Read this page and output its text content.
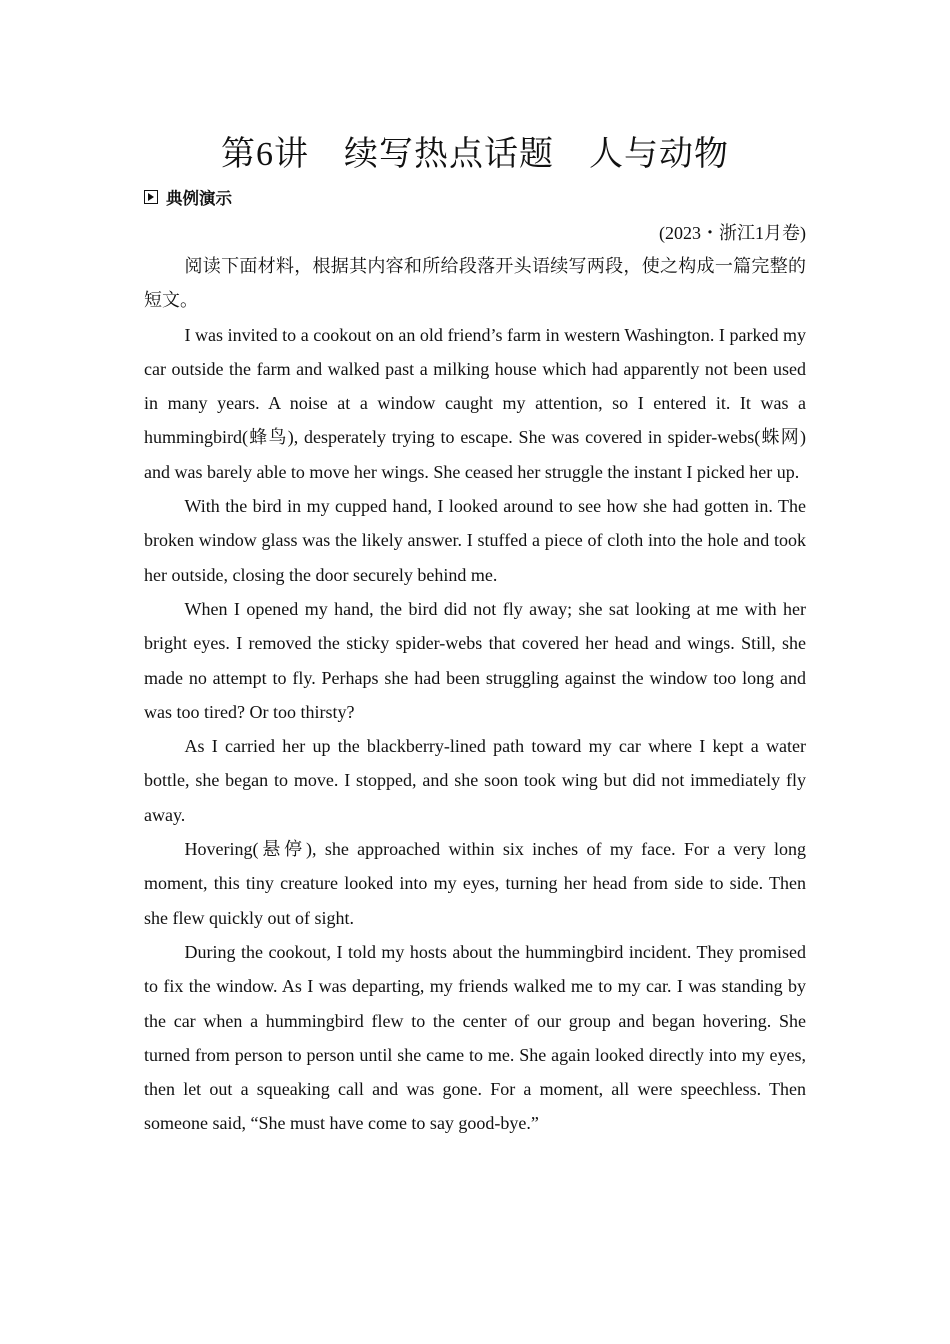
第6讲　续写热点话题　人与动物
典例演示
(2023・浙江1月卷)

阅读下面材料，根据其内容和所给段落开头语续写两段，使之构成一篇完整的短文。

I was invited to a cookout on an old friend’s farm in western Washington. I parked my car outside the farm and walked past a milking house which had apparently not been used in many years. A noise at a window caught my attention, so I entered it. It was a hummingbird(蜂鸟), desperately trying to escape. She was covered in spider-webs(蛛网) and was barely able to move her wings. She ceased her struggle the instant I picked her up.

With the bird in my cupped hand, I looked around to see how she had gotten in. The broken window glass was the likely answer. I stuffed a piece of cloth into the hole and took her outside, closing the door securely behind me.

When I opened my hand, the bird did not fly away; she sat looking at me with her bright eyes. I removed the sticky spider-webs that covered her head and wings. Still, she made no attempt to fly. Perhaps she had been struggling against the window too long and was too tired? Or too thirsty?

As I carried her up the blackberry-lined path toward my car where I kept a water bottle, she began to move. I stopped, and she soon took wing but did not immediately fly away.

Hovering(悬停), she approached within six inches of my face. For a very long moment, this tiny creature looked into my eyes, turning her head from side to side. Then she flew quickly out of sight.

During the cookout, I told my hosts about the hummingbird incident. They promised to fix the window. As I was departing, my friends walked me to my car. I was standing by the car when a hummingbird flew to the center of our group and began hovering. She turned from person to person until she came to me. She again looked directly into my eyes, then let out a squeaking call and was gone. For a moment, all were speechless. Then someone said, “She must have come to say good-bye.”
